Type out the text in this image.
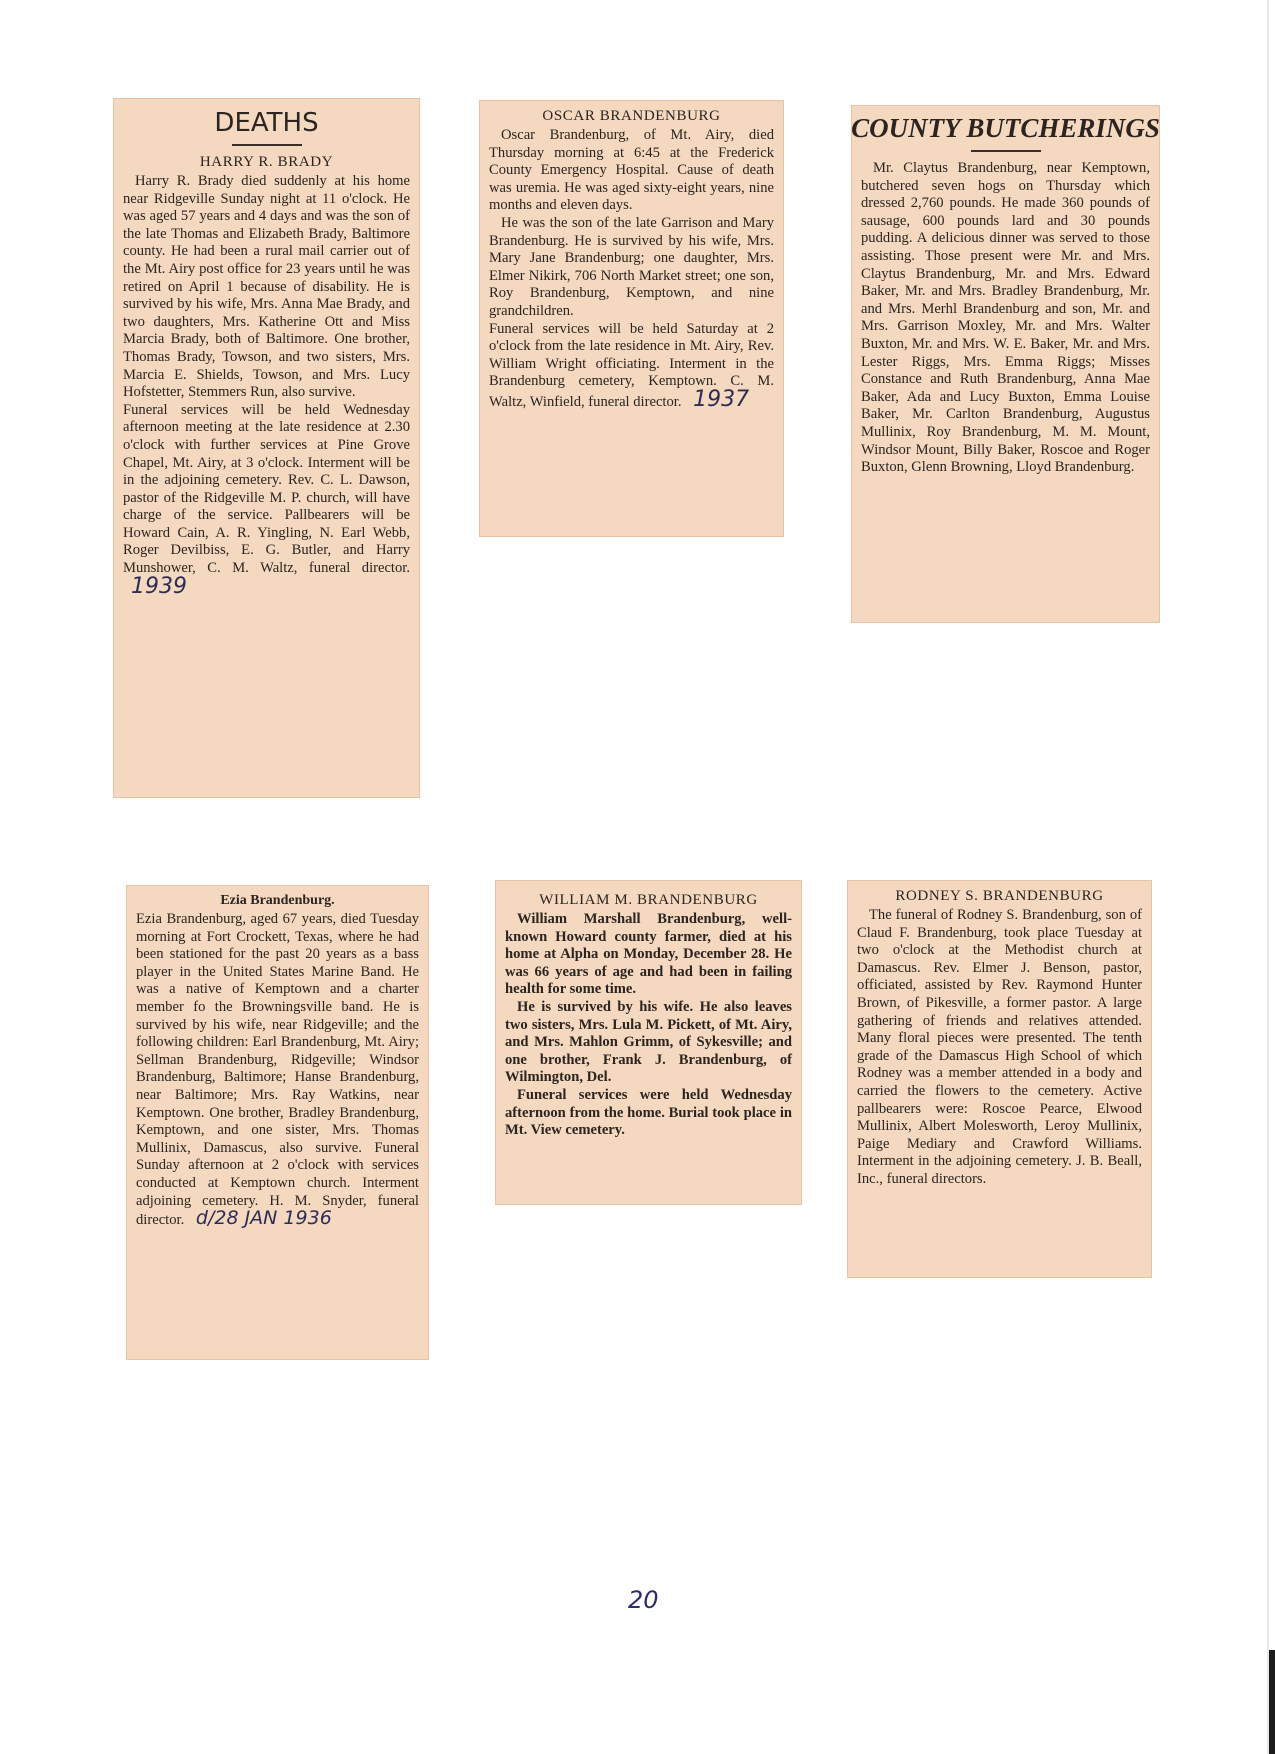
DEATHS
HARRY R. BRADY

Harry R. Brady died suddenly at his home near Ridgeville Sunday night at 11 o'clock. He was aged 57 years and 4 days and was the son of the late Thomas and Elizabeth Brady, Baltimore county. He had been a rural mail carrier out of the Mt. Airy post office for 23 years until he was retired on April 1 because of disability. He is survived by his wife, Mrs. Anna Mae Brady, and two daughters, Mrs. Katherine Ott and Miss Marcia Brady, both of Baltimore. One brother, Thomas Brady, Towson, and two sisters, Mrs. Marcia E. Shields, Towson, and Mrs. Lucy Hofstetter, Stemmers Run, also survive.

Funeral services will be held Wednesday afternoon meeting at the late residence at 2.30 o'clock with further services at Pine Grove Chapel, Mt. Airy, at 3 o'clock. Interment will be in the adjoining cemetery. Rev. C. L. Dawson, pastor of the Ridgeville M. P. church, will have charge of the service. Pallbearers will be Howard Cain, A. R. Yingling, N. Earl Webb, Roger Devilbiss, E. G. Butler, and Harry Munshower, C. M. Waltz, funeral director.

1939
OSCAR BRANDENBURG

Oscar Brandenburg, of Mt. Airy, died Thursday morning at 6:45 at the Frederick County Emergency Hospital. Cause of death was uremia. He was aged sixty-eight years, nine months and eleven days.

He was the son of the late Garrison and Mary Brandenburg. He is survived by his wife, Mrs. Mary Jane Brandenburg; one daughter, Mrs. Elmer Nikirk, 706 North Market street; one son, Roy Brandenburg, Kemptown, and nine grandchildren.

Funeral services will be held Saturday at 2 o'clock from the late residence in Mt. Airy, Rev. William Wright officiating. Interment in the Brandenburg cemetery, Kemptown. C. M. Waltz, Winfield, funeral director. 1937
COUNTY BUTCHERINGS

Mr. Claytus Brandenburg, near Kemptown, butchered seven hogs on Thursday which dressed 2,760 pounds. He made 360 pounds of sausage, 600 pounds lard and 30 pounds pudding. A delicious dinner was served to those assisting. Those present were Mr. and Mrs. Claytus Brandenburg, Mr. and Mrs. Edward Baker, Mr. and Mrs. Bradley Brandenburg, Mr. and Mrs. Merhl Brandenburg and son, Mr. and Mrs. Garrison Moxley, Mr. and Mrs. Walter Buxton, Mr. and Mrs. W. E. Baker, Mr. and Mrs. Lester Riggs, Mrs. Emma Riggs; Misses Constance and Ruth Brandenburg, Anna Mae Baker, Ada and Lucy Buxton, Emma Louise Baker, Mr. Carlton Brandenburg, Augustus Mullinix, Roy Brandenburg, M. M. Mount, Windsor Mount, Billy Baker, Roscoe and Roger Buxton, Glenn Browning, Lloyd Brandenburg.

Ezia Brandenburg.

Ezia Brandenburg, aged 67 years, died Tuesday morning at Fort Crockett, Texas, where he had been stationed for the past 20 years as a bass player in the United States Marine Band. He was a native of Kemptown and a charter member fo the Browningsville band. He is survived by his wife, near Ridgeville; and the following children: Earl Brandenburg, Mt. Airy; Sellman Brandenburg, Ridgeville; Windsor Brandenburg, Baltimore; Hanse Brandenburg, near Baltimore; Mrs. Ray Watkins, near Kemptown. One brother, Bradley Brandenburg, Kemptown, and one sister, Mrs. Thomas Mullinix, Damascus, also survive. Funeral Sunday afternoon at 2 o'clock with services conducted at Kemptown church. Interment adjoining cemetery. H. M. Snyder, funeral director. d/28 JAN 1936
WILLIAM M. BRANDENBURG

William Marshall Brandenburg, well-known Howard county farmer, died at his home at Alpha on Monday, December 28. He was 66 years of age and had been in failing health for some time.

He is survived by his wife. He also leaves two sisters, Mrs. Lula M. Pickett, of Mt. Airy, and Mrs. Mahlon Grimm, of Sykesville; and one brother, Frank J. Brandenburg, of Wilmington, Del.

Funeral services were held Wednesday afternoon from the home. Burial took place in Mt. View cemetery.

RODNEY S. BRANDENBURG

The funeral of Rodney S. Brandenburg, son of Claud F. Brandenburg, took place Tuesday at two o'clock at the Methodist church at Damascus. Rev. Elmer J. Benson, pastor, officiated, assisted by Rev. Raymond Hunter Brown, of Pikesville, a former pastor. A large gathering of friends and relatives attended. Many floral pieces were presented. The tenth grade of the Damascus High School of which Rodney was a member attended in a body and carried the flowers to the cemetery. Active pallbearers were: Roscoe Pearce, Elwood Mullinix, Albert Molesworth, Leroy Mullinix, Paige Mediary and Crawford Williams. Interment in the adjoining cemetery. J. B. Beall, Inc., funeral directors.

20
